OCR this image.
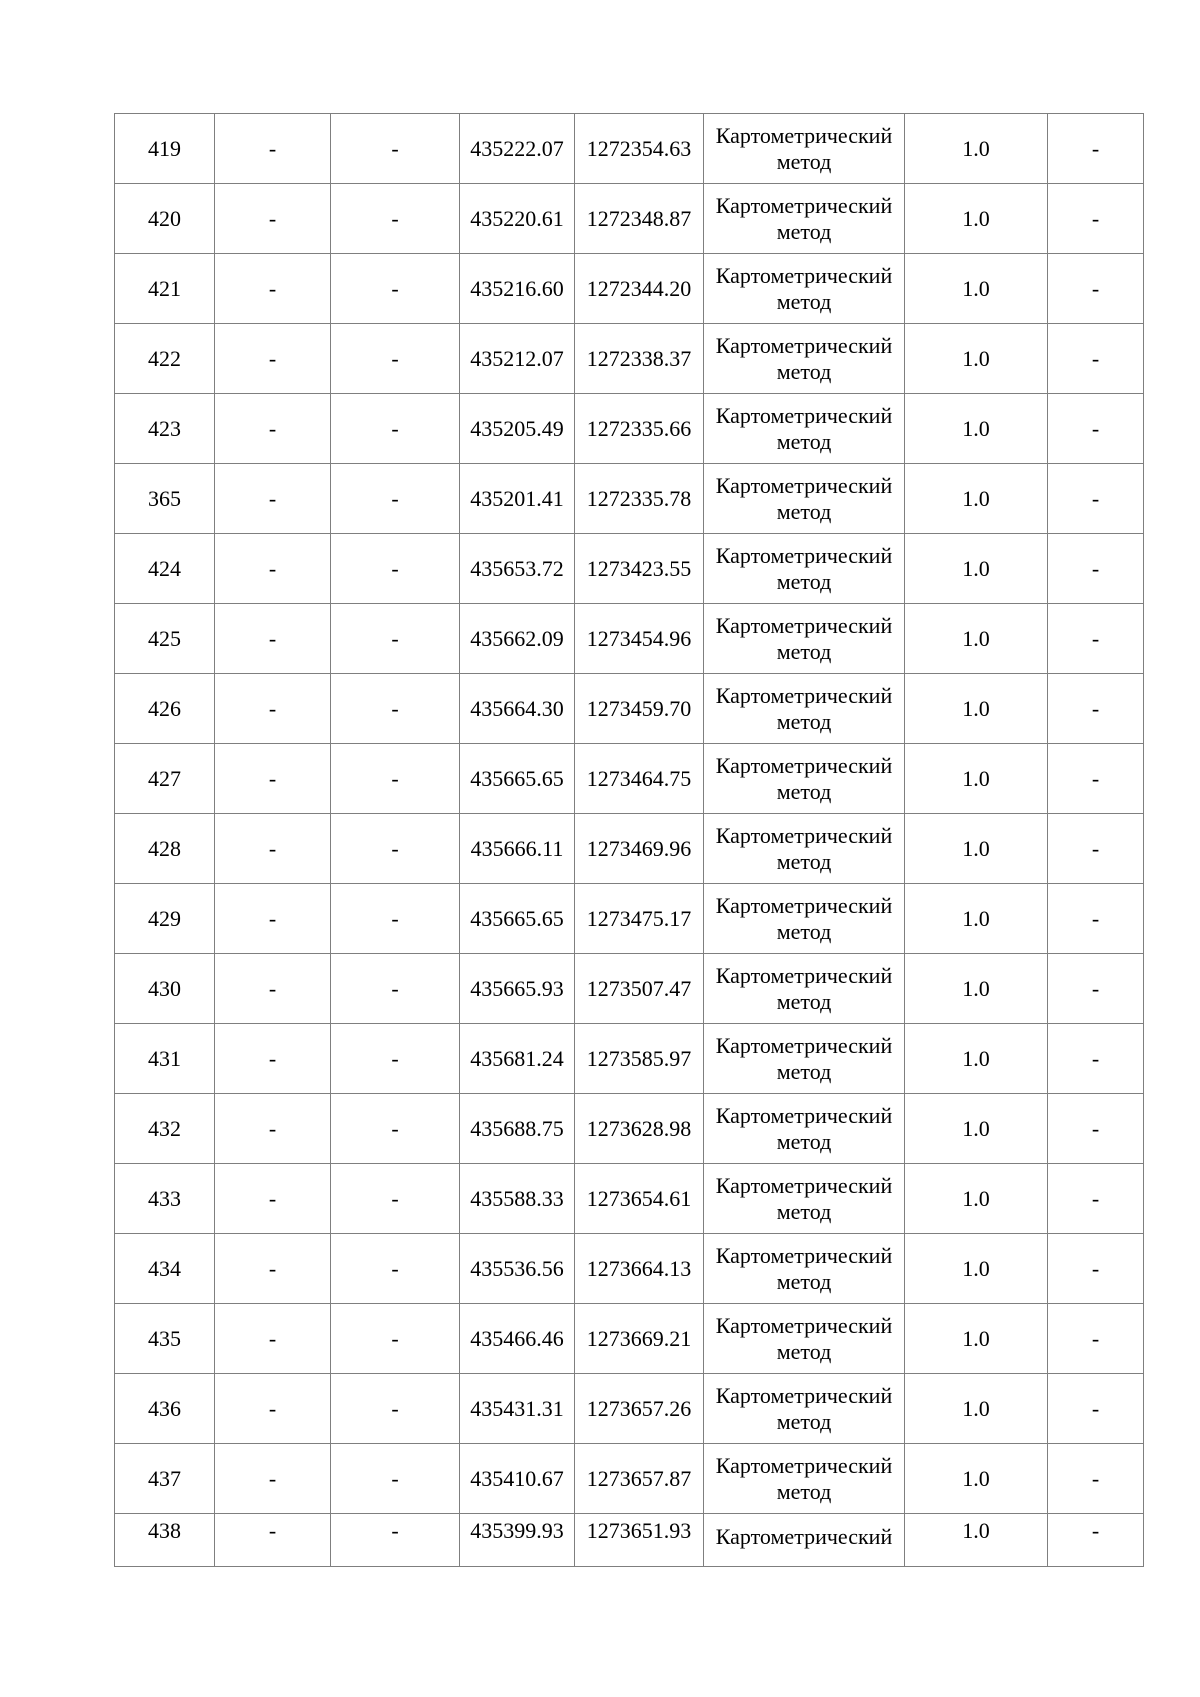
419	-	-	435222.07	1272354.63	Картометрический метод	1.0	-
420	-	-	435220.61	1272348.87	Картометрический метод	1.0	-
421	-	-	435216.60	1272344.20	Картометрический метод	1.0	-
422	-	-	435212.07	1272338.37	Картометрический метод	1.0	-
423	-	-	435205.49	1272335.66	Картометрический метод	1.0	-
365	-	-	435201.41	1272335.78	Картометрический метод	1.0	-
424	-	-	435653.72	1273423.55	Картометрический метод	1.0	-
425	-	-	435662.09	1273454.96	Картометрический метод	1.0	-
426	-	-	435664.30	1273459.70	Картометрический метод	1.0	-
427	-	-	435665.65	1273464.75	Картометрический метод	1.0	-
428	-	-	435666.11	1273469.96	Картометрический метод	1.0	-
429	-	-	435665.65	1273475.17	Картометрический метод	1.0	-
430	-	-	435665.93	1273507.47	Картометрический метод	1.0	-
431	-	-	435681.24	1273585.97	Картометрический метод	1.0	-
432	-	-	435688.75	1273628.98	Картометрический метод	1.0	-
433	-	-	435588.33	1273654.61	Картометрический метод	1.0	-
434	-	-	435536.56	1273664.13	Картометрический метод	1.0	-
435	-	-	435466.46	1273669.21	Картометрический метод	1.0	-
436	-	-	435431.31	1273657.26	Картометрический метод	1.0	-
437	-	-	435410.67	1273657.87	Картометрический метод	1.0	-
438	-	-	435399.93	1273651.93	Картометрический	1.0	-
